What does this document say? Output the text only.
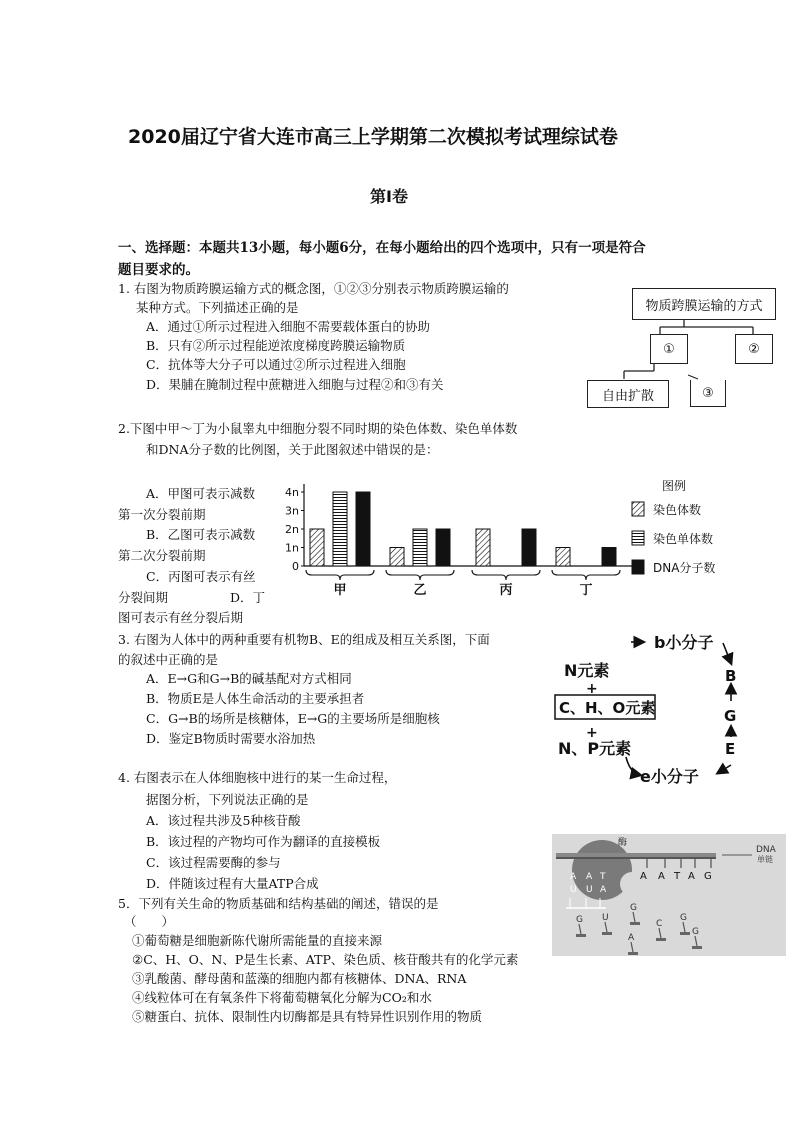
2020届辽宁省大连市高三上学期第二次模拟考试理综试卷
第I卷
一、选择题：本题共13小题，每小题6分，在每小题给出的四个选项中，只有一项是符合
题目要求的。
1. 右图为物质跨膜运输方式的概念图，①②③分别表示物质跨膜运输的
某种方式。下列描述正确的是
A．通过①所示过程进入细胞不需要载体蛋白的协助
B．只有②所示过程能逆浓度梯度跨膜运输物质
C．抗体等大分子可以通过②所示过程进入细胞
D．果脯在腌制过程中蔗糖进入细胞与过程②和③有关
物质跨膜运输的方式
①	②
自由扩散	③
2.下图中甲～丁为小鼠睾丸中细胞分裂不同时期的染色体数、染色单体数
和DNA分子数的比例图，关于此图叙述中错误的是：
A．甲图可表示减数
第一次分裂前期
B．乙图可表示减数
第二次分裂前期
C．丙图可表示有丝
分裂间期	D．丁
图可表示有丝分裂后期
4n
3n
2n
1n
0
甲	乙	丙	丁
图例
染色体数
染色单体数
DNA分子数
3. 右图为人体中的两种重要有机物B、E的组成及相互关系图，下面
的叙述中正确的是
A．E→G和G→B的碱基配对方式相同
B．物质E是人体生命活动的主要承担者
C．G→B的场所是核糖体，E→G的主要场所是细胞核
D．鉴定B物质时需要水浴加热
b小分子
N元素
+
C、H、O元素
+
N、P元素
e小分子
B
G
E
4. 右图表示在人体细胞核中进行的某一生命过程，
据图分析，下列说法正确的是
A．该过程共涉及5种核苷酸
B．该过程的产物均可作为翻译的直接模板
C．该过程需要酶的参与
D．伴随该过程有大量ATP合成
酶
DNA
单链
A A T A G
A A T
U U A
G U
G
A
C
G
G
5．下列有关生命的物质基础和结构基础的阐述，错误的是
（　　）
①葡萄糖是细胞新陈代谢所需能量的直接来源
②C、H、O、N、P是生长素、ATP、染色质、核苷酸共有的化学元素
③乳酸菌、酵母菌和蓝藻的细胞内都有核糖体、DNA、RNA
④线粒体可在有氧条件下将葡萄糖氧化分解为CO₂和水
⑤糖蛋白、抗体、限制性内切酶都是具有特异性识别作用的物质
